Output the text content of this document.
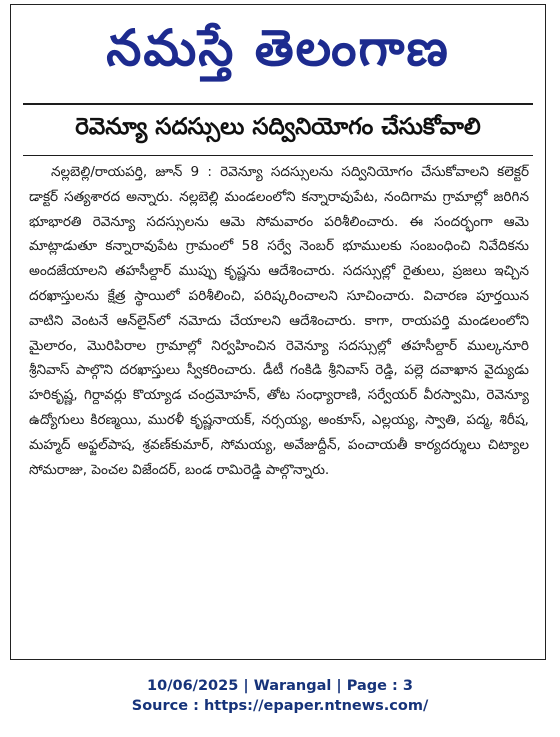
నమస్తే తెలంగాణ
రెవెన్యూ సదస్సులు సద్వినియోగం చేసుకోవాలి

నల్లబెల్లి/రాయపర్తి, జూన్ 9 : రెవెన్యూ సదస్సులను సద్వినియోగం చేసుకోవాలని కలెక్టర్ డాక్టర్ సత్యశారద అన్నారు. నల్లబెల్లి మండలంలోని కన్నారావుపేట, నందిగామ గ్రామాల్లో జరిగిన భూభారతి రెవెన్యూ సదస్సులను ఆమె సోమవారం పరిశీలించారు. ఈ సందర్భంగా ఆమె మాట్లాడుతూ కన్నారావుపేట గ్రామంలో 58 సర్వే నెంబర్ భూములకు సంబంధించి నివేదికను అందజేయాలని తహసీల్దార్ ముప్పు కృష్ణను ఆదేశించారు. సదస్సుల్లో రైతులు, ప్రజలు ఇచ్చిన దరఖాస్తులను క్షేత్ర స్థాయిలో పరిశీలించి, పరిష్కరించాలని సూచించారు. విచారణ పూర్తయిన వాటిని వెంటనే ఆన్‌లైన్‌లో నమోదు చేయాలని ఆదేశించారు. కాగా, రాయపర్తి మండలంలోని మైలారం, మొరిపిరాల గ్రామాల్లో నిర్వహించిన రెవెన్యూ సదస్సుల్లో తహసీల్దార్ ముల్కనూరి శ్రీనివాస్ పాల్గొని దరఖాస్తులు స్వీకరించారు. డీటీ గంకిడి శ్రీనివాస్ రెడ్డి, పల్లె దవాఖాన వైద్యుడు హరికృష్ణ, గిర్దావర్లు కొయ్యాడ చంద్రమోహన్, తోట సంధ్యారాణి, సర్వేయర్ వీరస్వామి, రెవెన్యూ ఉద్యోగులు కిరణ్మయి, మురళీ కృష్ణనాయక్, నర్సయ్య, అంకూస్, ఎల్లయ్య, స్వాతి, పద్మ, శిరీష, మహ్మద్ అఫ్జల్‌పాష, శ్రవణ్‌కుమార్, సోమయ్య, అవేజుద్దీన్, పంచాయతీ కార్యదర్శులు చిట్యాల సోమరాజు, పెంచల విజేందర్, బండ రామిరెడ్డి పాల్గొన్నారు.

10/06/2025 | Warangal | Page : 3
Source : https://epaper.ntnews.com/
